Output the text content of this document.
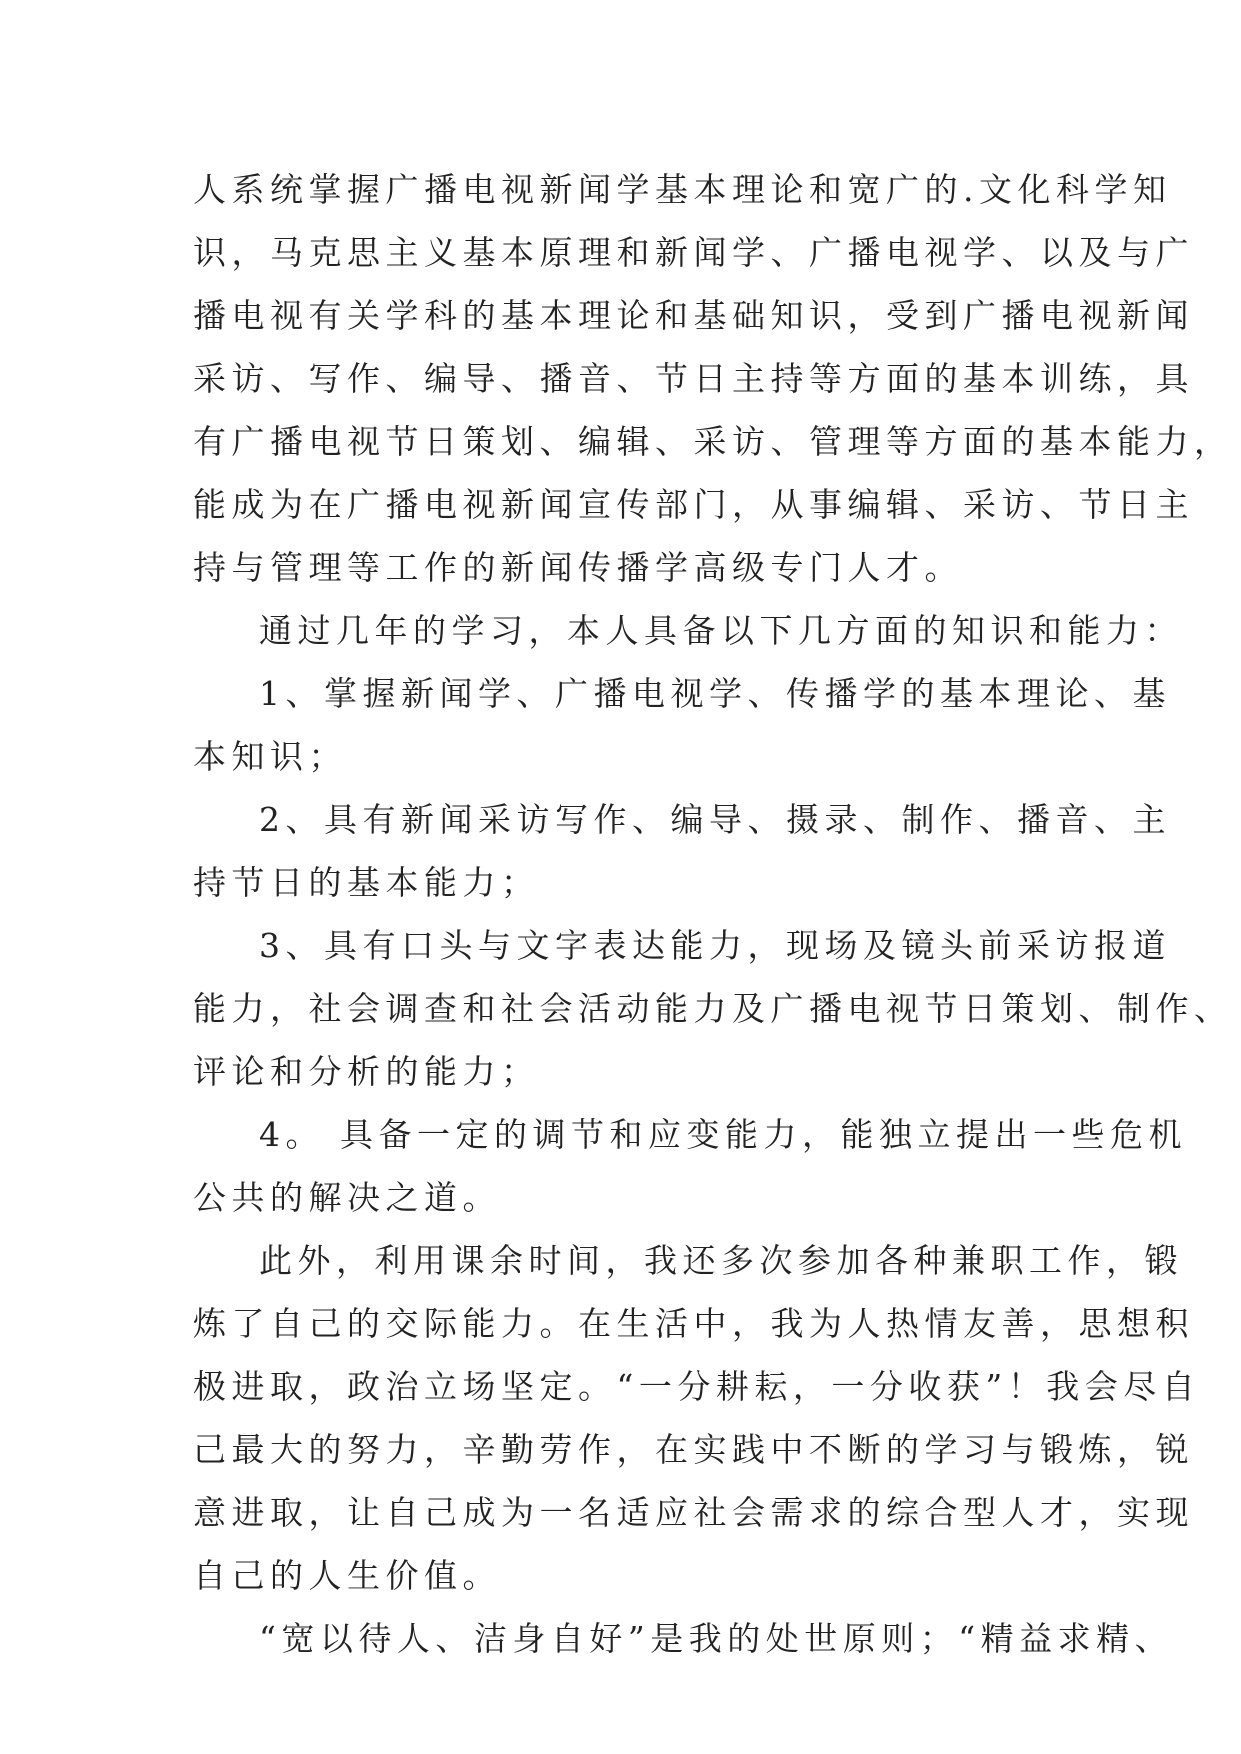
人系统掌握广播电视新闻学基本理论和宽广的.文化科学知
识，马克思主义基本原理和新闻学、广播电视学、以及与广
播电视有关学科的基本理论和基础知识，受到广播电视新闻
采访、写作、编导、播音、节日主持等方面的基本训练，具
有广播电视节日策划、编辑、采访、管理等方面的基本能力，
能成为在广播电视新闻宣传部门，从事编辑、采访、节日主
持与管理等工作的新闻传播学高级专门人才。
通过几年的学习，本人具备以下几方面的知识和能力：
1、掌握新闻学、广播电视学、传播学的基本理论、基
本知识；
2、具有新闻采访写作、编导、摄录、制作、播音、主
持节日的基本能力；
3、具有口头与文字表达能力，现场及镜头前采访报道
能力，社会调查和社会活动能力及广播电视节日策划、制作、
评论和分析的能力；
4。 具备一定的调节和应变能力，能独立提出一些危机
公共的解决之道。
此外，利用课余时间，我还多次参加各种兼职工作，锻
炼了自己的交际能力。在生活中，我为人热情友善，思想积
极进取，政治立场坚定。“一分耕耘，一分收获”！我会尽自
己最大的努力，辛勤劳作，在实践中不断的学习与锻炼，锐
意进取，让自己成为一名适应社会需求的综合型人才，实现
自己的人生价值。
“宽以待人、洁身自好”是我的处世原则；“精益求精、
